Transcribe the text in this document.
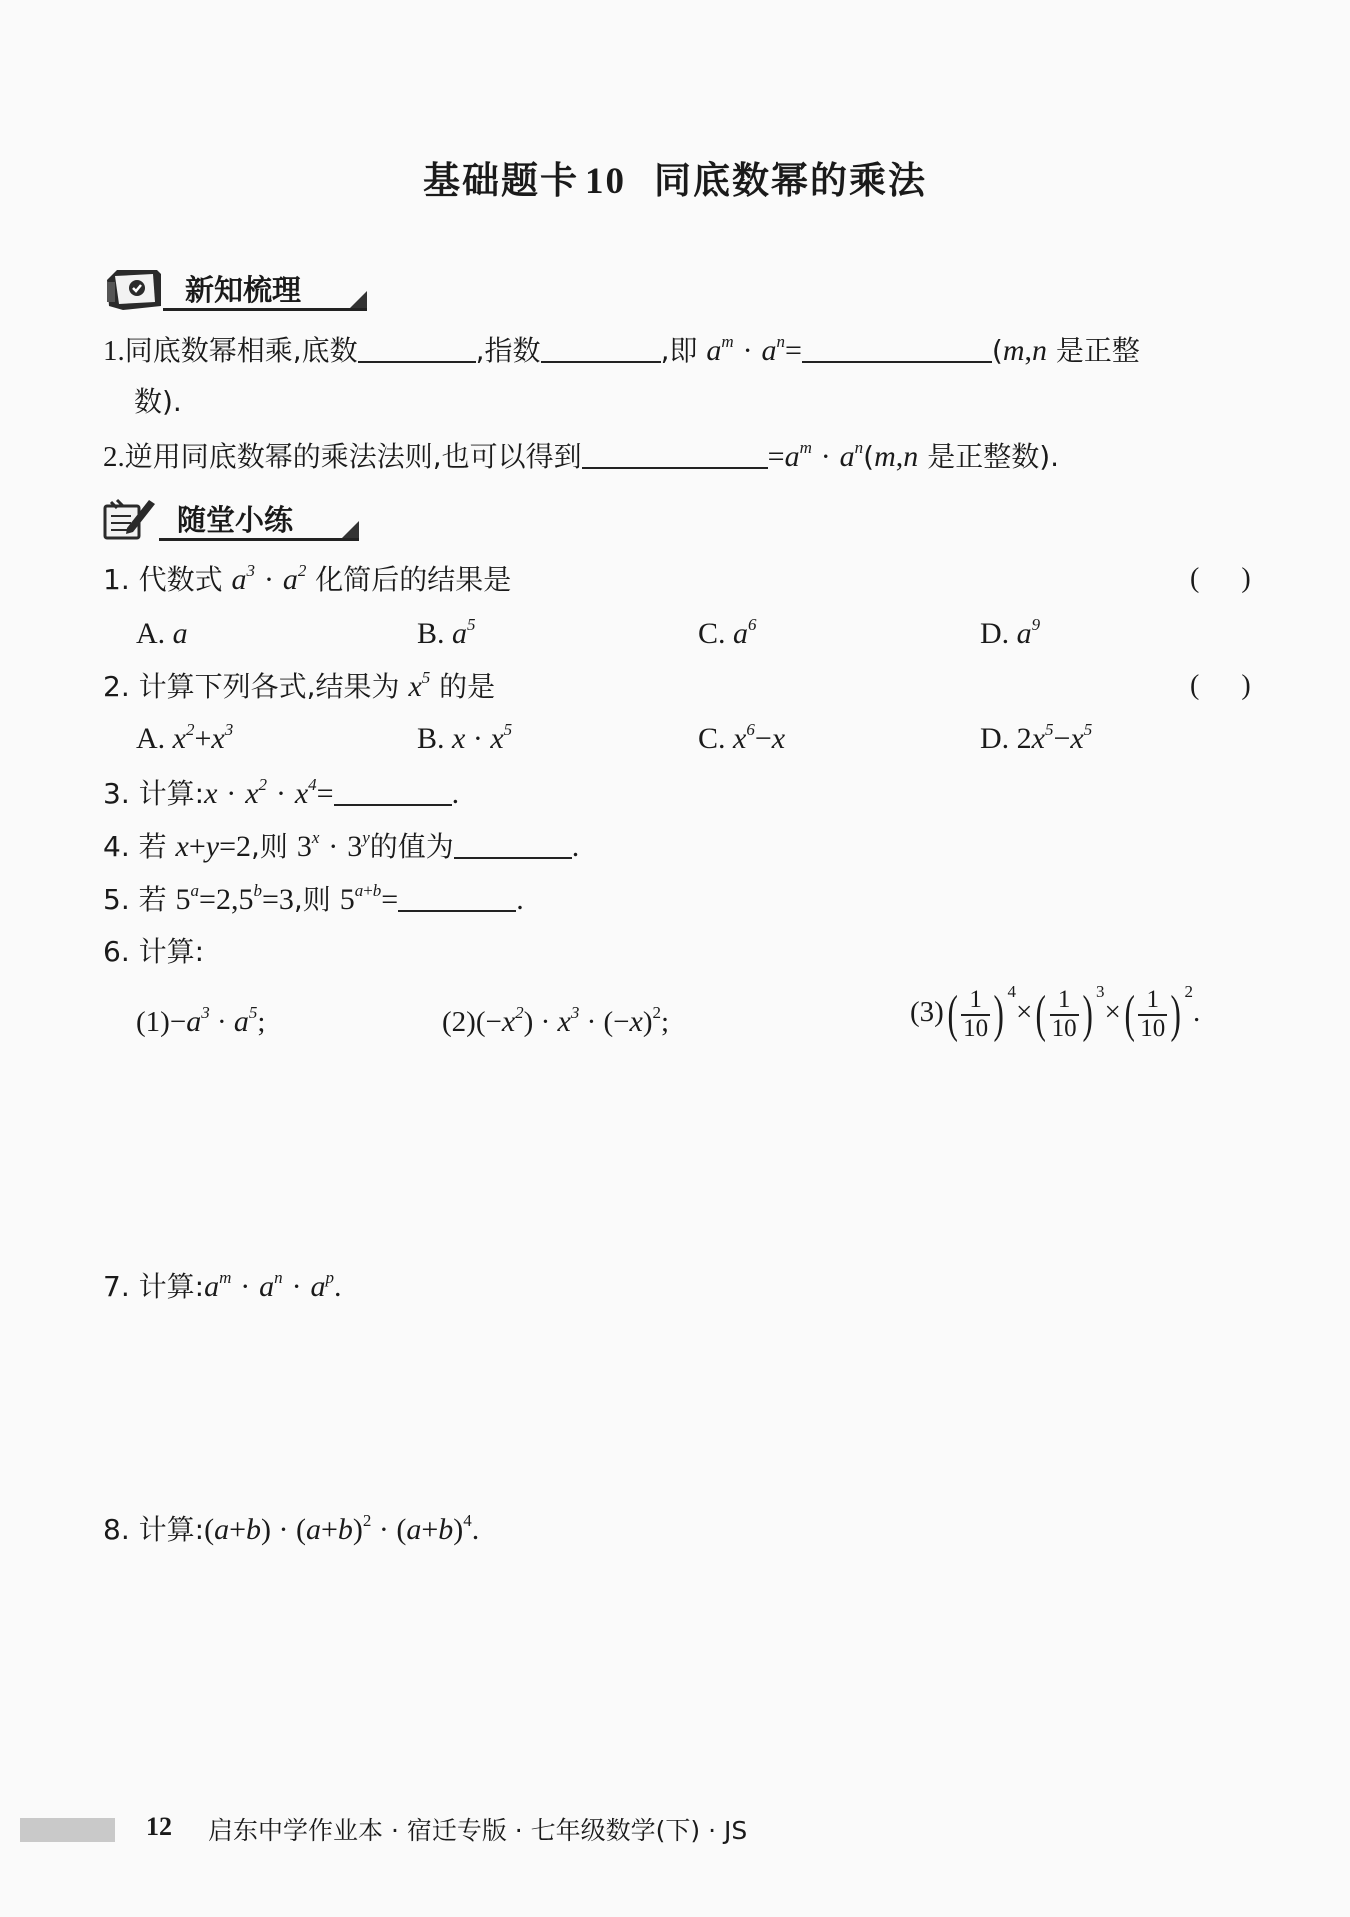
基础题卡 10 同底数幂的乘法
新知梳理
1.同底数幂相乘,底数	,指数	,即 $a^m \cdot a^n=$	(m,n 是正整
数).
2.逆用同底数幂的乘法法则,也可以得到	$=a^m \cdot a^n(m,n$ 是正整数).
随堂小练
1. 代数式 $a^3 \cdot a^2$ 化简后的结果是	(      )
A. a	B. $a^5$	C. $a^6$	D. $a^9$
2. 计算下列各式,结果为 $x^5$ 的是	(      )
A. $x^2+x^3$	B. $x \cdot x^5$	C. $x^6-x$	D. $2x^5-x^5$
3. 计算:x · $x^2 \cdot x^4=$	.
4. 若 x+y=2,则 $3^x \cdot 3^y$的值为	.
5. 若 $5^a=2,5^b=3$,则 $5^{a+b}=$	.
6. 计算:
$(1)-a^3 \cdot a^5$;	$(2)(-x^2) \cdot x^3 \cdot (-x)^2$;	$(3)( \frac{1}{10}$ ) $^4\times( \frac{1}{10}$ ) $^3\times( \frac{1}{10}$ ) $^2$.
7. 计算$:a^m \cdot a^n \cdot a^p$.
8. 计算:(a+b) · $(a+b)^2 \cdot (a+b)^4$.
12 启东中学作业本 · 宿迁专版 · 七年级数学(下) · JS
